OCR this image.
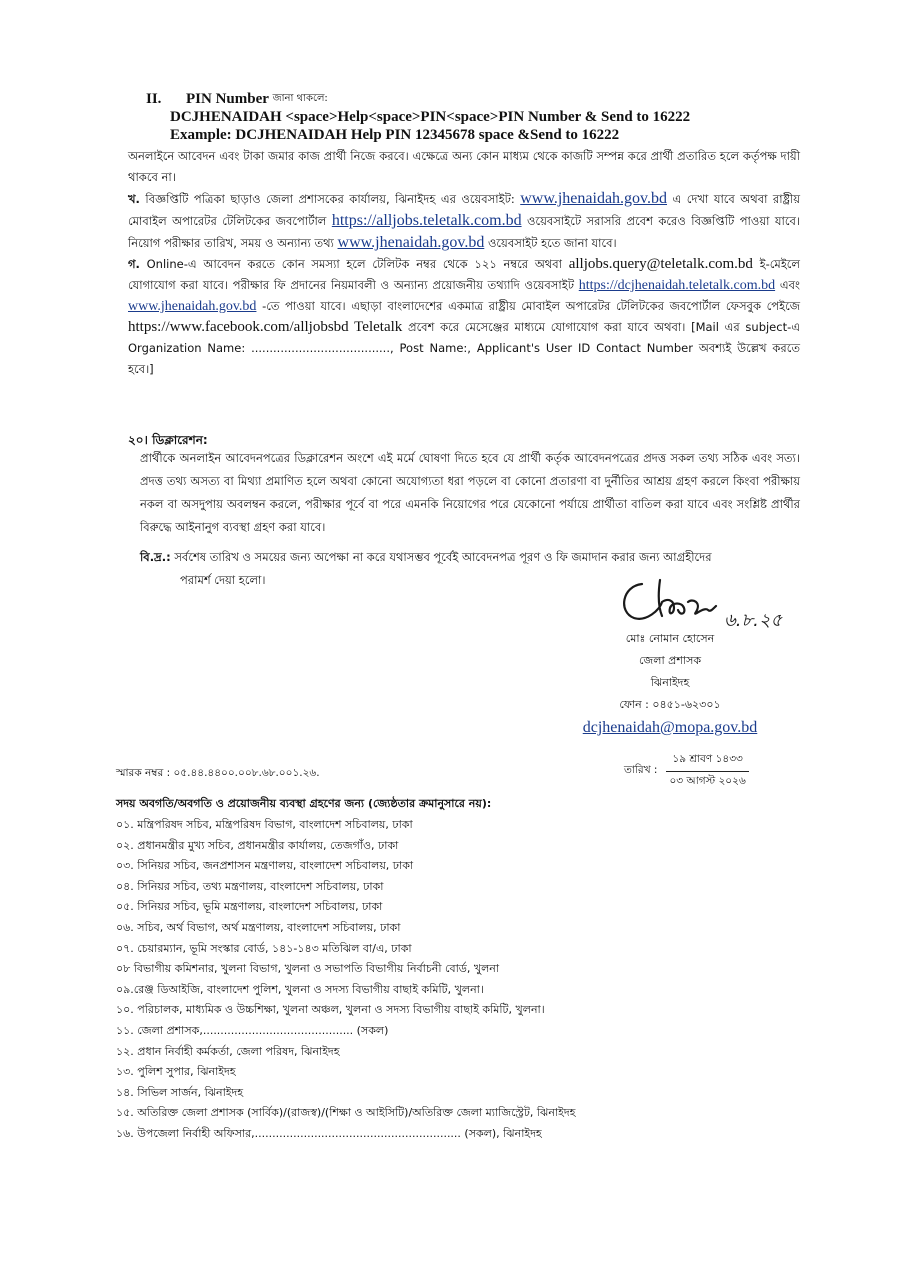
II.	PIN Number
জানা থাকলে:
DCJHENAIDAH <space>Help<space>PIN<space>PIN Number & Send to 16222
Example: DCJHENAIDAH Help PIN 12345678 space &Send to 16222

অনলাইনে আবেদন এবং টাকা জমার কাজ প্রার্থী নিজে করবে। এক্ষেত্রে অন্য কোন মাধ্যম থেকে কাজটি সম্পন্ন করে প্রার্থী প্রতারিত হলে কর্তৃপক্ষ দায়ী থাকবে না।

খ. বিজ্ঞপ্তিটি পত্রিকা ছাড়াও জেলা প্রশাসকের কার্যালয়, ঝিনাইদহ এর ওয়েবসাইট: www.jhenaidah.gov.bd এ দেখা যাবে অথবা রাষ্ট্রীয় মোবাইল অপারেটর টেলিটকের জবপোর্টাল https://alljobs.teletalk.com.bd ওয়েবসাইটে সরাসরি প্রবেশ করেও বিজ্ঞপ্তিটি পাওয়া যাবে। নিয়োগ পরীক্ষার তারিখ, সময় ও অন্যান্য তথ্য www.jhenaidah.gov.bd ওয়েবসাইট হতে জানা যাবে।

গ. Online-এ আবেদন করতে কোন সমস্যা হলে টেলিটক নম্বর থেকে ১২১ নম্বরে অথবা alljobs.query@teletalk.com.bd ই-মেইলে যোগাযোগ করা যাবে। পরীক্ষার ফি প্রদানের নিয়মাবলী ও অন্যান্য প্রয়োজনীয় তথ্যাদি ওয়েবসাইট https://dcjhenaidah.teletalk.com.bd এবং www.jhenaidah.gov.bd -তে পাওয়া যাবে। এছাড়া বাংলাদেশের একমাত্র রাষ্ট্রীয় মোবাইল অপারেটর টেলিটকের জবপোর্টাল ফেসবুক পেইজে https://www.facebook.com/alljobsbd Teletalk প্রবেশ করে মেসেঞ্জের মাধ্যমে যোগাযোগ করা যাবে অথবা। [Mail এর subject-এ Organization Name: ......................................, Post Name:, Applicant's User ID Contact Number অবশ্যই উল্লেখ করতে হবে।]

২০। ডিক্লারেশন:
প্রার্থীকে অনলাইন আবেদনপত্রের ডিক্লারেশন অংশে এই মর্মে ঘোষণা দিতে হবে যে প্রার্থী কর্তৃক আবেদনপত্রের প্রদত্ত সকল তথ্য সঠিক এবং সত্য। প্রদত্ত তথ্য অসত্য বা মিথ্যা প্রমাণিত হলে অথবা কোনো অযোগ্যতা ধরা পড়লে বা কোনো প্রতারণা বা দুর্নীতির আশ্রয় গ্রহণ করলে কিংবা পরীক্ষায় নকল বা অসদুপায় অবলম্বন করলে, পরীক্ষার পূর্বে বা পরে এমনকি নিয়োগের পরে যেকোনো পর্যায়ে প্রার্থীতা বাতিল করা যাবে এবং সংশ্লিষ্ট প্রার্থীর বিরুদ্ধে আইনানুগ ব্যবস্থা গ্রহণ করা যাবে।
বি.দ্র.: সর্বশেষ তারিখ ও সময়ের জন্য অপেক্ষা না করে যথাসম্ভব পূর্বেই আবেদনপত্র পূরণ ও ফি জমাদান করার জন্য আগ্রহীদের
পরামর্শ দেয়া হলো।
৬.৮.২৫
মোঃ নোমান হোসেন
জেলা প্রশাসক
ঝিনাইদহ
ফোন : ০৪৫১-৬২৩০১
dcjhenaidah@mopa.gov.bd
স্মারক নম্বর : ০৫.৪৪.৪৪০০.০০৮.৬৮.০০১.২৬.	তারিখ : $\frac{\text{১৯ শ্রাবণ ১৪৩৩}}{\text{০৩ আগস্ট ২০২৬}}$
সদয় অবগতি/অবগতি ও প্রয়োজনীয় ব্যবস্থা গ্রহণের জন্য (জ্যেষ্ঠতার ক্রমানুসারে নয়):
০১. মন্ত্রিপরিষদ সচিব, মন্ত্রিপরিষদ বিভাগ, বাংলাদেশ সচিবালয়, ঢাকা
০২. প্রধানমন্ত্রীর মুখ্য সচিব, প্রধানমন্ত্রীর কার্যালয়, তেজগাঁও, ঢাকা
০৩. সিনিয়র সচিব, জনপ্রশাসন মন্ত্রণালয়, বাংলাদেশ সচিবালয়, ঢাকা
০৪. সিনিয়র সচিব, তথ্য মন্ত্রণালয়, বাংলাদেশ সচিবালয়, ঢাকা
০৫. সিনিয়র সচিব, ভূমি মন্ত্রণালয়, বাংলাদেশ সচিবালয়, ঢাকা
০৬. সচিব, অর্থ বিভাগ, অর্থ মন্ত্রণালয়, বাংলাদেশ সচিবালয়, ঢাকা
০৭. চেয়ারম্যান, ভূমি সংস্কার বোর্ড, ১৪১-১৪৩ মতিঝিল বা/এ, ঢাকা
০৮ বিভাগীয় কমিশনার, খুলনা বিভাগ, খুলনা ও সভাপতি বিভাগীয় নির্বাচনী বোর্ড, খুলনা
০৯.রেঞ্জ ডিআইজি, বাংলাদেশ পুলিশ, খুলনা ও সদস্য বিভাগীয় বাছাই কমিটি, খুলনা।
১০. পরিচালক, মাধ্যমিক ও উচ্চশিক্ষা, খুলনা অঞ্চল, খুলনা ও সদস্য বিভাগীয় বাছাই কমিটি, খুলনা।
১১. জেলা প্রশাসক,........................................... (সকল)
১২. প্রধান নির্বাহী কর্মকর্তা, জেলা পরিষদ, ঝিনাইদহ
১৩. পুলিশ সুপার, ঝিনাইদহ
১৪. সিভিল সার্জন, ঝিনাইদহ
১৫. অতিরিক্ত জেলা প্রশাসক (সার্বিক)/(রাজস্ব)/(শিক্ষা ও আইসিটি)/অতিরিক্ত জেলা ম্যাজিস্ট্রেট, ঝিনাইদহ
১৬. উপজেলা নির্বাহী অফিসার,........................................................... (সকল), ঝিনাইদহ
